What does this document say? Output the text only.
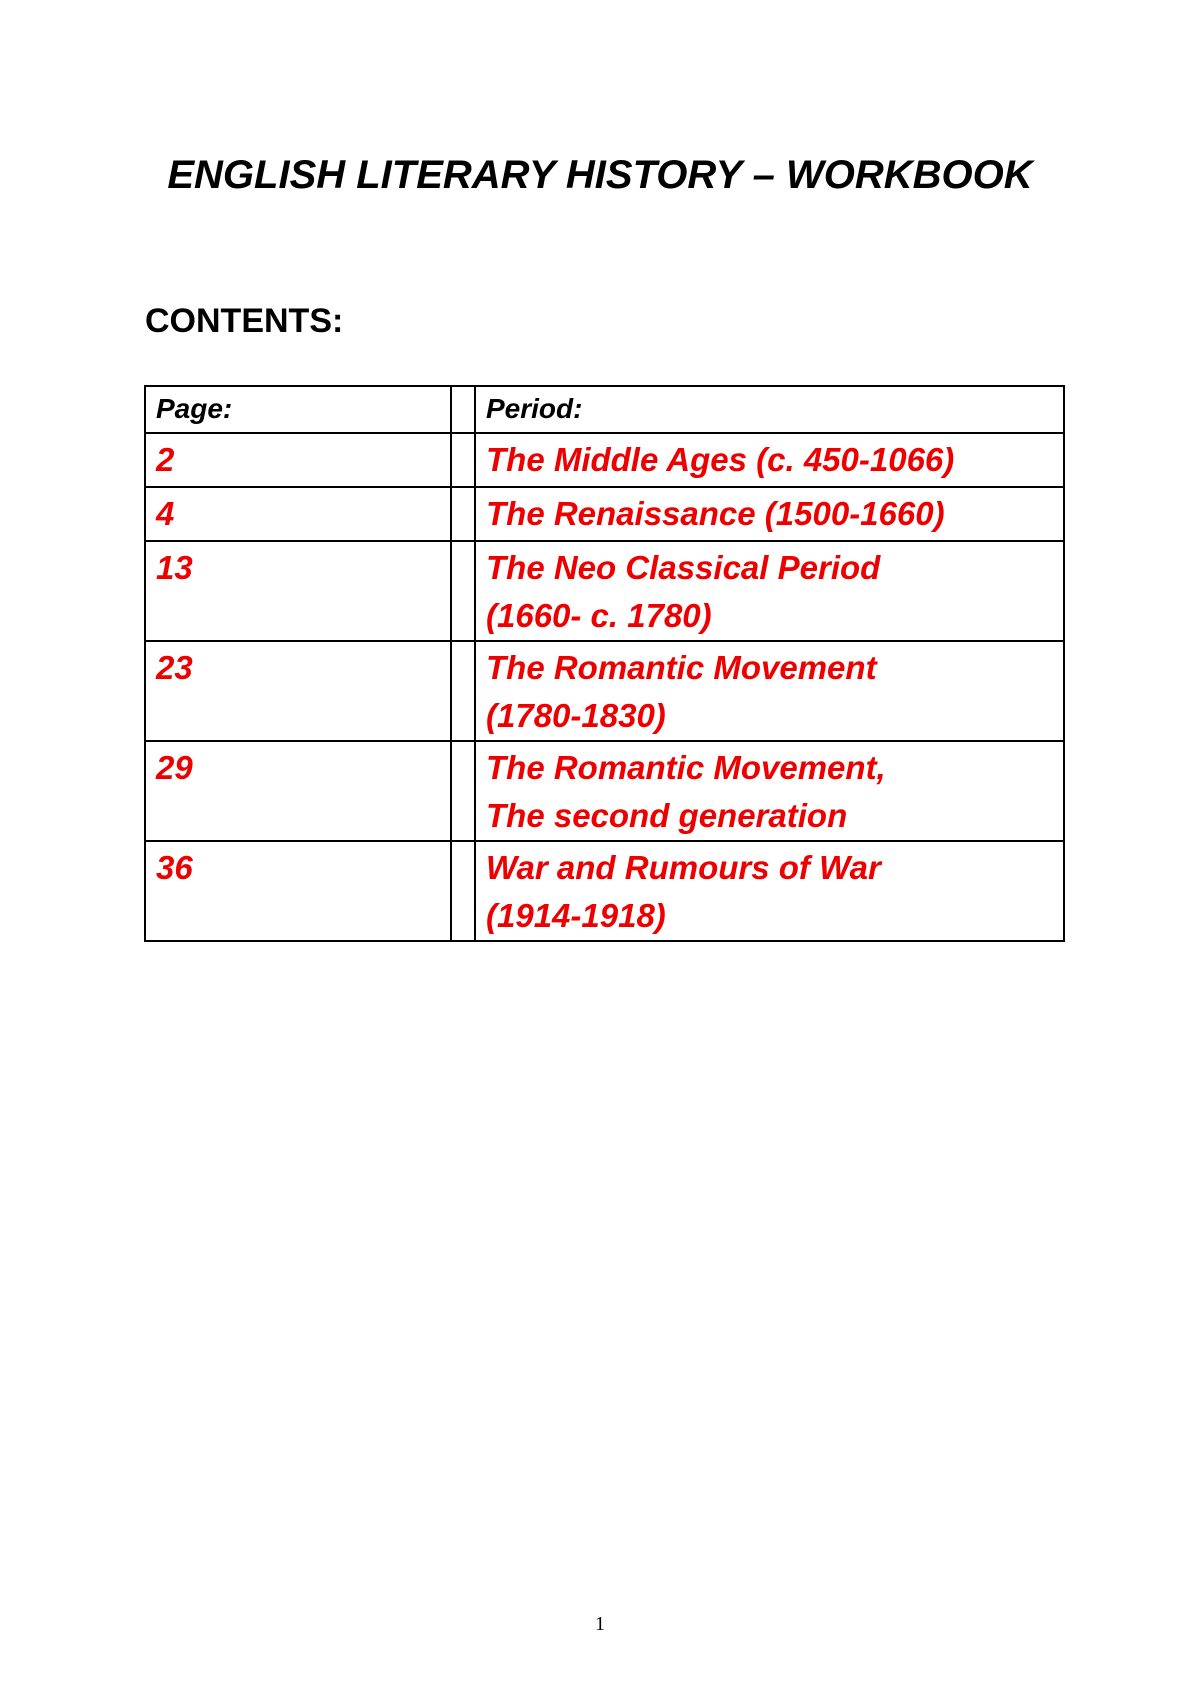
ENGLISH LITERARY HISTORY – WORKBOOK
CONTENTS:
Page:		Period:

2		The Middle Ages (c. 450-1066)

4		The Renaissance (1500-1660)

13		The Neo Classical Period
(1660- c. 1780)

23		The Romantic Movement
(1780-1830)

29		The Romantic Movement,
The second generation

36		War and Rumours of War
(1914-1918)
1
